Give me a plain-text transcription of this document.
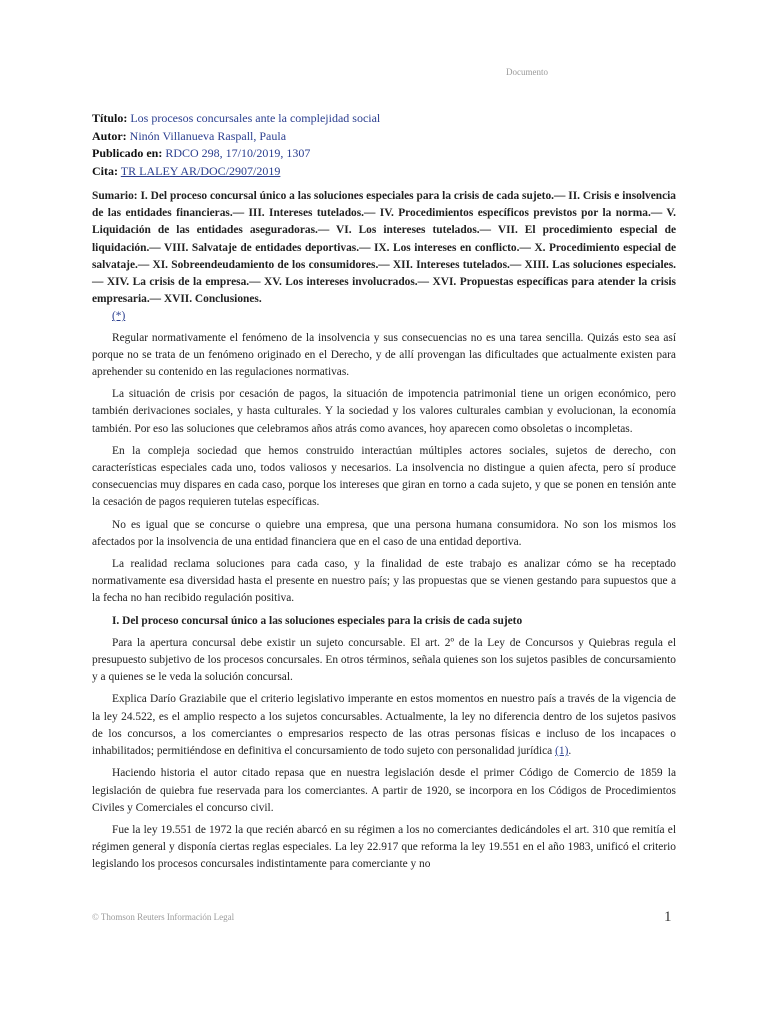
Documento
Título: Los procesos concursales ante la complejidad social
Autor: Ninón Villanueva Raspall, Paula
Publicado en: RDCO 298, 17/10/2019, 1307
Cita: TR LALEY AR/DOC/2907/2019

Sumario: I. Del proceso concursal único a las soluciones especiales para la crisis de cada sujeto.— II. Crisis e insolvencia de las entidades financieras.— III. Intereses tutelados.— IV. Procedimientos específicos previstos por la norma.— V. Liquidación de las entidades aseguradoras.— VI. Los intereses tutelados.— VII. El procedimiento especial de liquidación.— VIII. Salvataje de entidades deportivas.— IX. Los intereses en conflicto.— X. Procedimiento especial de salvataje.— XI. Sobreendeudamiento de los consumidores.— XII. Intereses tutelados.— XIII. Las soluciones especiales.— XIV. La crisis de la empresa.— XV. Los intereses involucrados.— XVI. Propuestas específicas para atender la crisis empresaria.— XVII. Conclusiones.

(*)

Regular normativamente el fenómeno de la insolvencia y sus consecuencias no es una tarea sencilla. Quizás esto sea así porque no se trata de un fenómeno originado en el Derecho, y de allí provengan las dificultades que actualmente existen para aprehender su contenido en las regulaciones normativas.

La situación de crisis por cesación de pagos, la situación de impotencia patrimonial tiene un origen económico, pero también derivaciones sociales, y hasta culturales. Y la sociedad y los valores culturales cambian y evolucionan, la economía también. Por eso las soluciones que celebramos años atrás como avances, hoy aparecen como obsoletas o incompletas.

En la compleja sociedad que hemos construido interactúan múltiples actores sociales, sujetos de derecho, con características especiales cada uno, todos valiosos y necesarios. La insolvencia no distingue a quien afecta, pero sí produce consecuencias muy dispares en cada caso, porque los intereses que giran en torno a cada sujeto, y que se ponen en tensión ante la cesación de pagos requieren tutelas específicas.

No es igual que se concurse o quiebre una empresa, que una persona humana consumidora. No son los mismos los afectados por la insolvencia de una entidad financiera que en el caso de una entidad deportiva.

La realidad reclama soluciones para cada caso, y la finalidad de este trabajo es analizar cómo se ha receptado normativamente esa diversidad hasta el presente en nuestro país; y las propuestas que se vienen gestando para supuestos que a la fecha no han recibido regulación positiva.

I. Del proceso concursal único a las soluciones especiales para la crisis de cada sujeto

Para la apertura concursal debe existir un sujeto concursable. El art. 2º de la Ley de Concursos y Quiebras regula el presupuesto subjetivo de los procesos concursales. En otros términos, señala quienes son los sujetos pasibles de concursamiento y a quienes se le veda la solución concursal.

Explica Darío Graziabile que el criterio legislativo imperante en estos momentos en nuestro país a través de la vigencia de la ley 24.522, es el amplio respecto a los sujetos concursables. Actualmente, la ley no diferencia dentro de los sujetos pasivos de los concursos, a los comerciantes o empresarios respecto de las otras personas físicas e incluso de los incapaces o inhabilitados; permitiéndose en definitiva el concursamiento de todo sujeto con personalidad jurídica (1).

Haciendo historia el autor citado repasa que en nuestra legislación desde el primer Código de Comercio de 1859 la legislación de quiebra fue reservada para los comerciantes. A partir de 1920, se incorpora en los Códigos de Procedimientos Civiles y Comerciales el concurso civil.

Fue la ley 19.551 de 1972 la que recién abarcó en su régimen a los no comerciantes dedicándoles el art. 310 que remitía el régimen general y disponía ciertas reglas especiales. La ley 22.917 que reforma la ley 19.551 en el año 1983, unificó el criterio legislando los procesos concursales indistintamente para comerciante y no

© Thomson Reuters Información Legal	1
